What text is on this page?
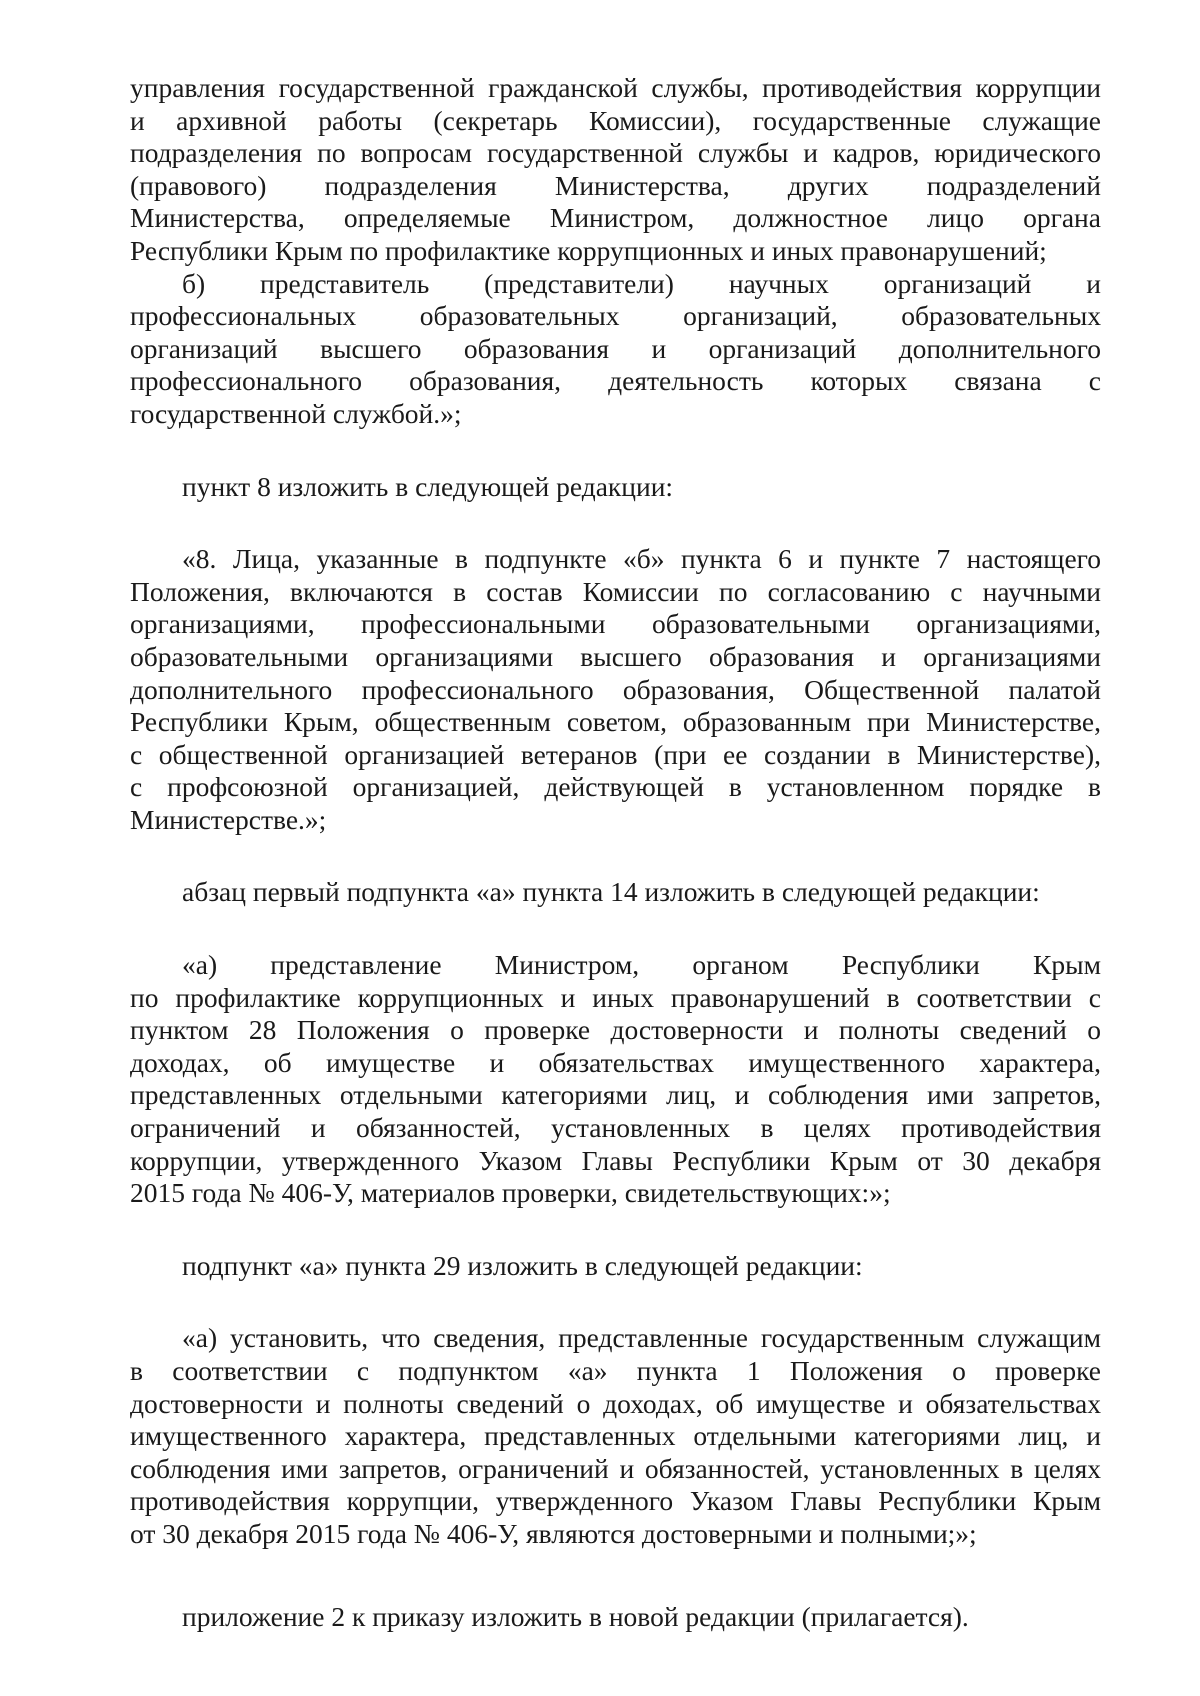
управления государственной гражданской службы, противодействия коррупции
и архивной работы (секретарь Комиссии), государственные служащие
подразделения по вопросам государственной службы и кадров, юридического
(правового) подразделения Министерства, других подразделений
Министерства, определяемые Министром, должностное лицо органа
Республики Крым по профилактике коррупционных и иных правонарушений;
б) представитель (представители) научных организаций и
профессиональных образовательных организаций, образовательных
организаций высшего образования и организаций дополнительного
профессионального образования, деятельность которых связана с
государственной службой.»;
пункт 8 изложить в следующей редакции:
«8. Лица, указанные в подпункте «б» пункта 6 и пункте 7 настоящего
Положения, включаются в состав Комиссии по согласованию с научными
организациями, профессиональными образовательными организациями,
образовательными организациями высшего образования и организациями
дополнительного профессионального образования, Общественной палатой
Республики Крым, общественным советом, образованным при Министерстве,
с общественной организацией ветеранов (при ее создании в Министерстве),
с профсоюзной организацией, действующей в установленном порядке в
Министерстве.»;
абзац первый подпункта «а» пункта 14 изложить в следующей редакции:
«а) представление Министром, органом Республики Крым
по профилактике коррупционных и иных правонарушений в соответствии с
пунктом 28 Положения о проверке достоверности и полноты сведений о
доходах, об имуществе и обязательствах имущественного характера,
представленных отдельными категориями лиц, и соблюдения ими запретов,
ограничений и обязанностей, установленных в целях противодействия
коррупции, утвержденного Указом Главы Республики Крым от 30 декабря
2015 года № 406-У, материалов проверки, свидетельствующих:»;
подпункт «а» пункта 29 изложить в следующей редакции:
«а) установить, что сведения, представленные государственным служащим
в соответствии с подпунктом «а» пункта 1 Положения о проверке
достоверности и полноты сведений о доходах, об имуществе и обязательствах
имущественного характера, представленных отдельными категориями лиц, и
соблюдения ими запретов, ограничений и обязанностей, установленных в целях
противодействия коррупции, утвержденного Указом Главы Республики Крым
от 30 декабря 2015 года № 406-У, являются достоверными и полными;»;
приложение 2 к приказу изложить в новой редакции (прилагается).
